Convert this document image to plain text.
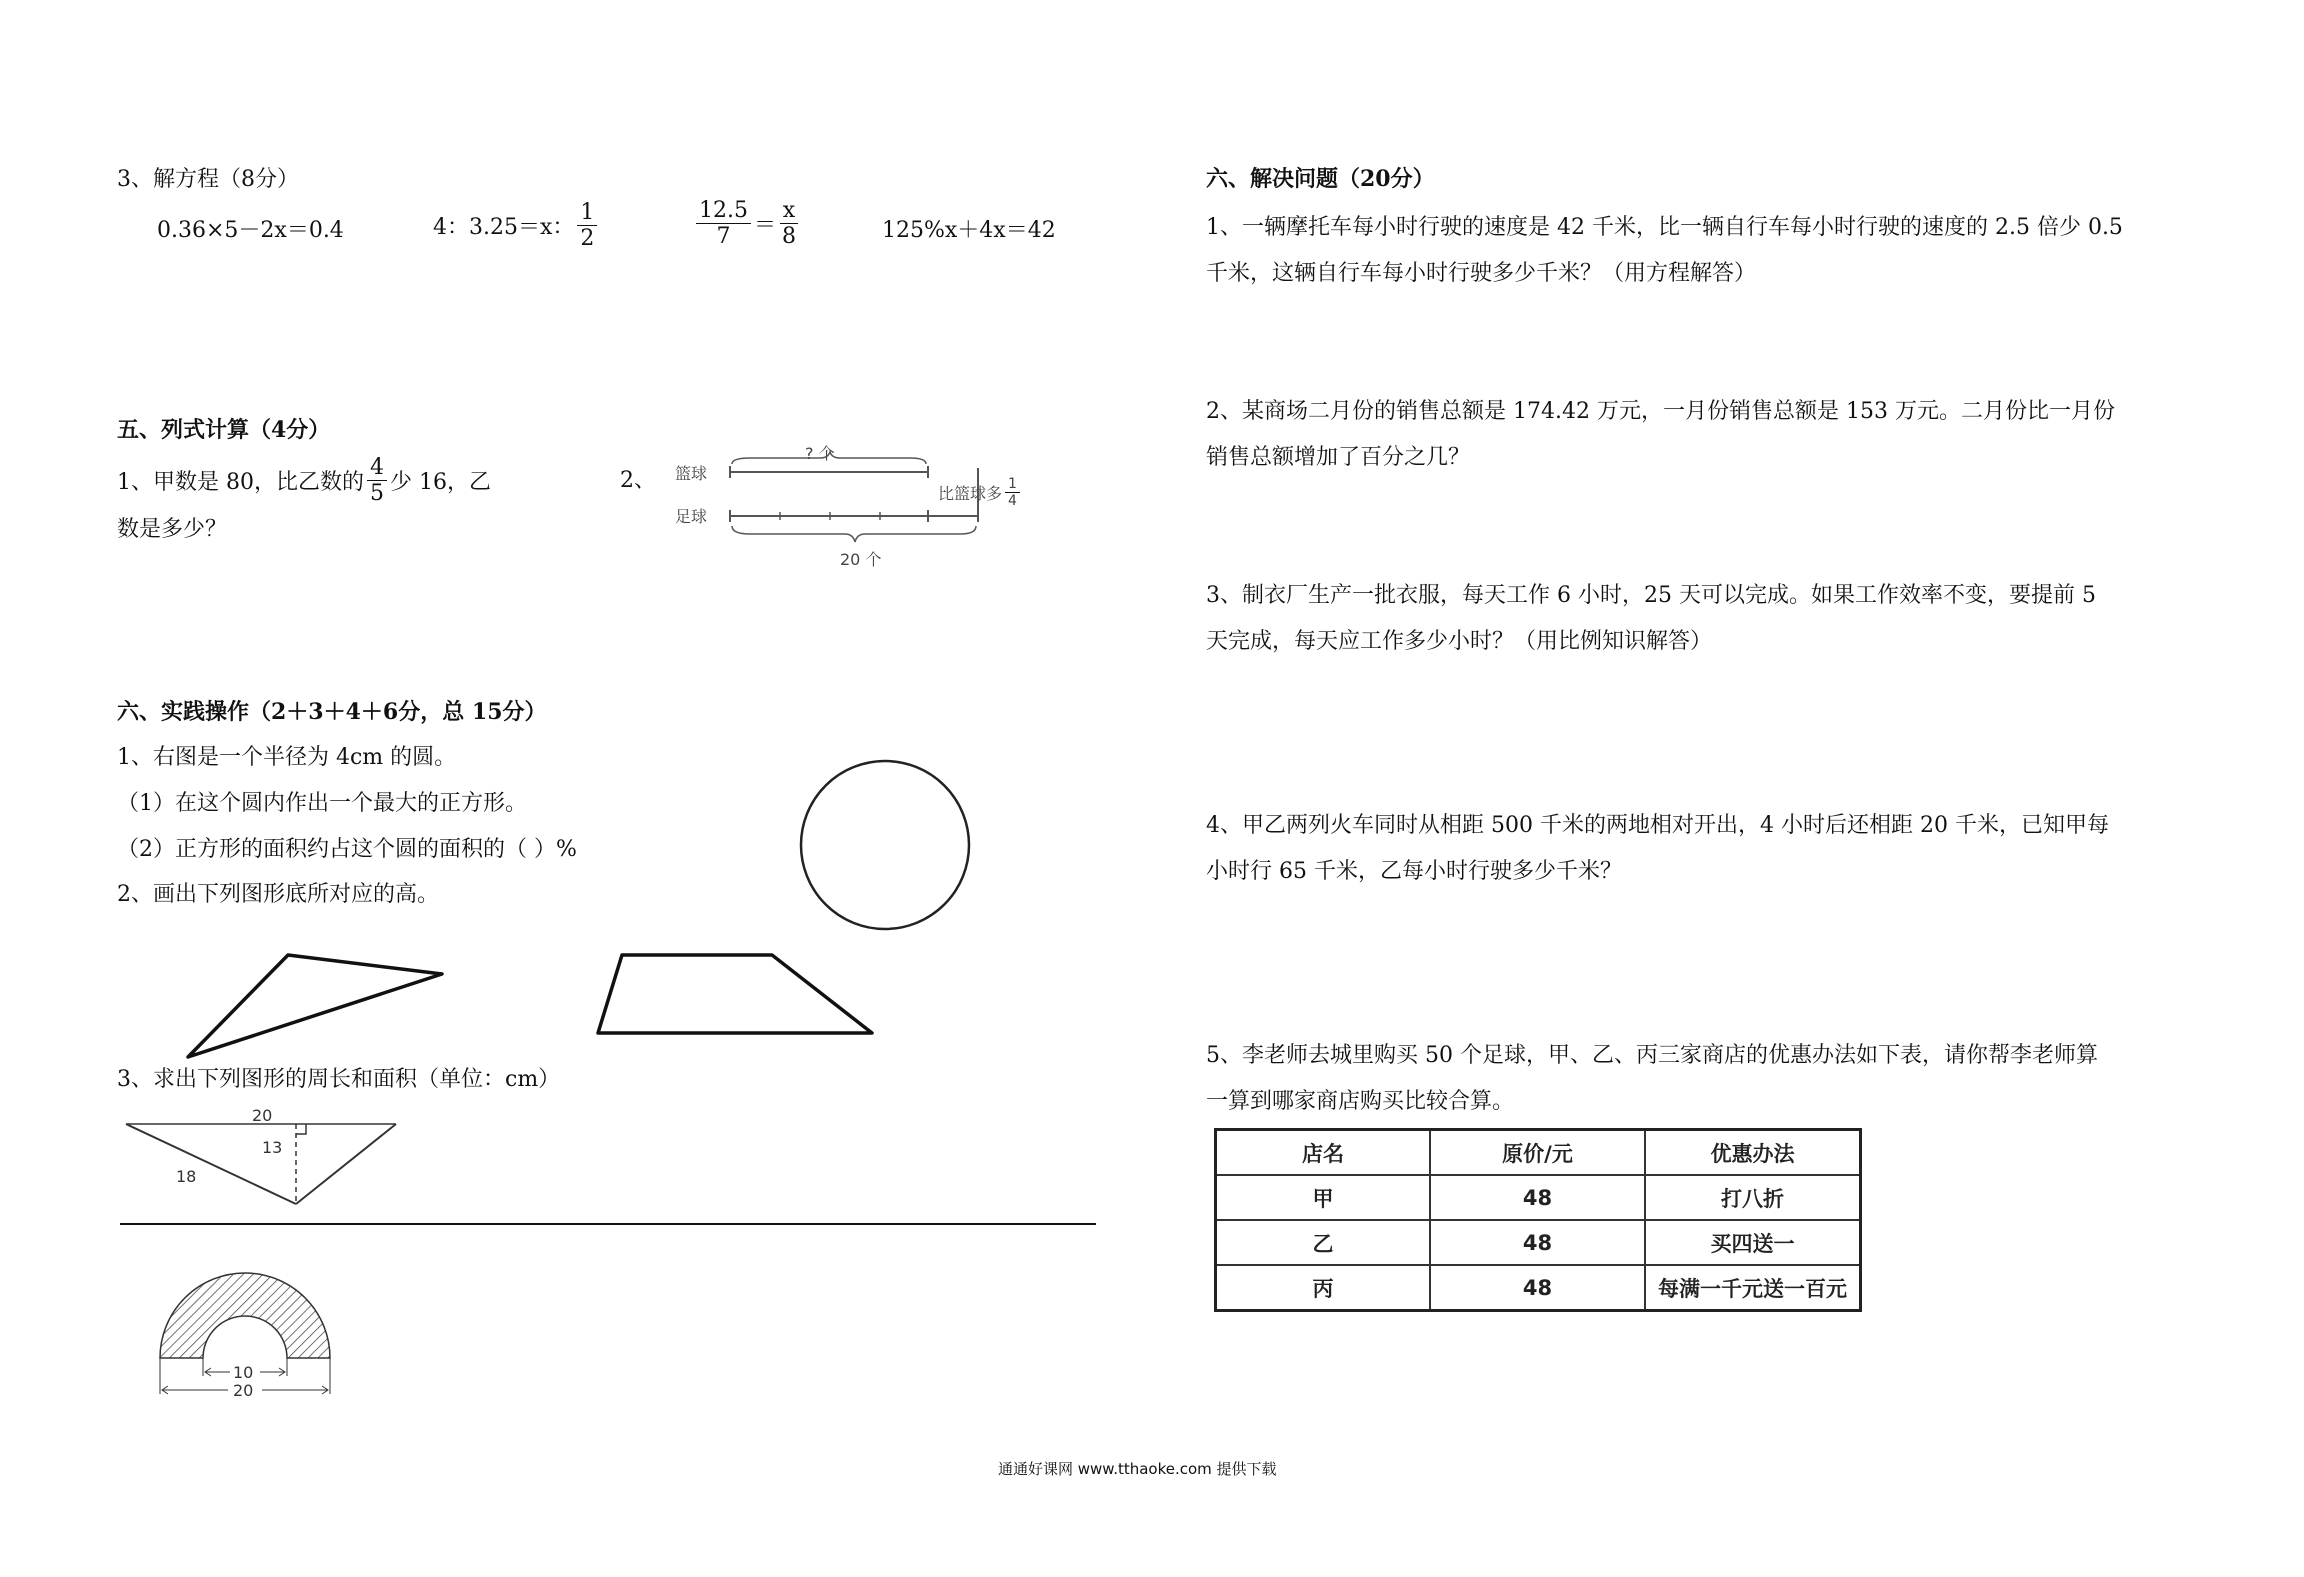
3、解方程（8分）
0.36×5－2x＝0.4	4：3.25＝x： $\frac{1}{2}$	$\frac{12.5}{7} = \frac{x}{8}$	125%x＋4x＝42
五、列式计算（4分）
1、甲数是 80，比乙数的 $\frac{4}{5}$ 少 16，乙
数是多少？
2、 篮球
足球
? 个
比篮球多 $\frac{1}{4}$
20 个
六、实践操作（2＋3＋4＋6分，总 15分）
1、右图是一个半径为 4cm 的圆。
（1）在这个圆内作出一个最大的正方形。
（2）正方形的面积约占这个圆的面积的（ ）%
2、画出下列图形底所对应的高。
3、求出下列图形的周长和面积（单位：cm）
20
13
18
10
20
六、解决问题（20分）
1、一辆摩托车每小时行驶的速度是 42 千米，比一辆自行车每小时行驶的速度的 2.5 倍少 0.5
千米，这辆自行车每小时行驶多少千米？（用方程解答）
2、某商场二月份的销售总额是 174.42 万元，一月份销售总额是 153 万元。二月份比一月份
销售总额增加了百分之几？
3、制衣厂生产一批衣服，每天工作 6 小时，25 天可以完成。如果工作效率不变，要提前 5
天完成，每天应工作多少小时？（用比例知识解答）
4、甲乙两列火车同时从相距 500 千米的两地相对开出，4 小时后还相距 20 千米，已知甲每
小时行 65 千米，乙每小时行驶多少千米？
5、李老师去城里购买 50 个足球，甲、乙、丙三家商店的优惠办法如下表，请你帮李老师算
一算到哪家商店购买比较合算。
店名	原价/元	优惠办法
甲	48	打八折
乙	48	买四送一
丙	48	每满一千元送一百元
通通好课网 www.tthaoke.com 提供下载
